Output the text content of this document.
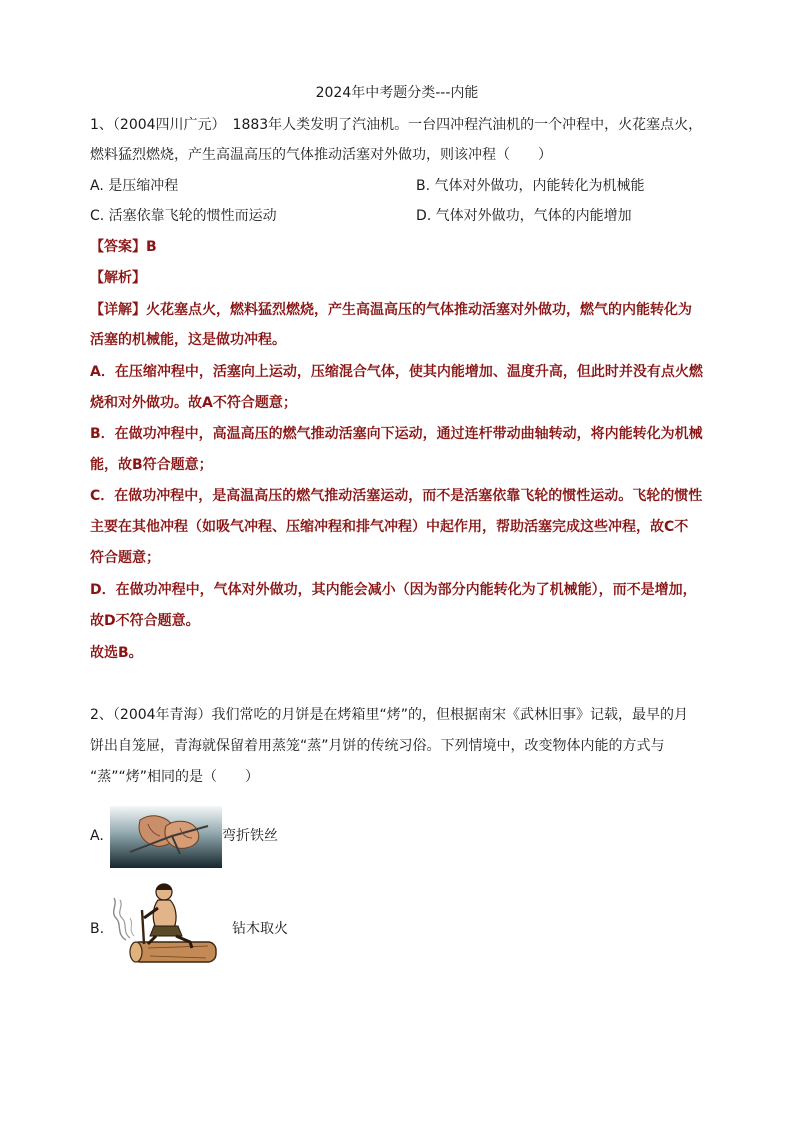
2024年中考题分类---内能
1、（2004四川广元）　1883年人类发明了汽油机。一台四冲程汽油机的一个冲程中，火花塞点火，
燃料猛烈燃烧，产生高温高压的气体推动活塞对外做功，则该冲程（　　）
A. 是压缩冲程	B. 气体对外做功，内能转化为机械能
C. 活塞依靠飞轮的惯性而运动	D. 气体对外做功，气体的内能增加
【答案】B
【解析】
【详解】火花塞点火，燃料猛烈燃烧，产生高温高压的气体推动活塞对外做功，燃气的内能转化为
活塞的机械能，这是做功冲程。
A．在压缩冲程中，活塞向上运动，压缩混合气体，使其内能增加、温度升高，但此时并没有点火燃
烧和对外做功。故A不符合题意；
B．在做功冲程中，高温高压的燃气推动活塞向下运动，通过连杆带动曲轴转动，将内能转化为机械
能，故B符合题意；
C．在做功冲程中，是高温高压的燃气推动活塞运动，而不是活塞依靠飞轮的惯性运动。飞轮的惯性
主要在其他冲程（如吸气冲程、压缩冲程和排气冲程）中起作用，帮助活塞完成这些冲程，故C不
符合题意；
D．在做功冲程中，气体对外做功，其内能会减小（因为部分内能转化为了机械能），而不是增加，
故D不符合题意。
故选B。
2、（2004年青海）我们常吃的月饼是在烤箱里“烤”的，但根据南宋《武林旧事》记载，最早的月
饼出自笼屉，青海就保留着用蒸笼“蒸”月饼的传统习俗。下列情境中，改变物体内能的方式与
“蒸”“烤”相同的是（　　）
A.	弯折铁丝
B.	钻木取火
